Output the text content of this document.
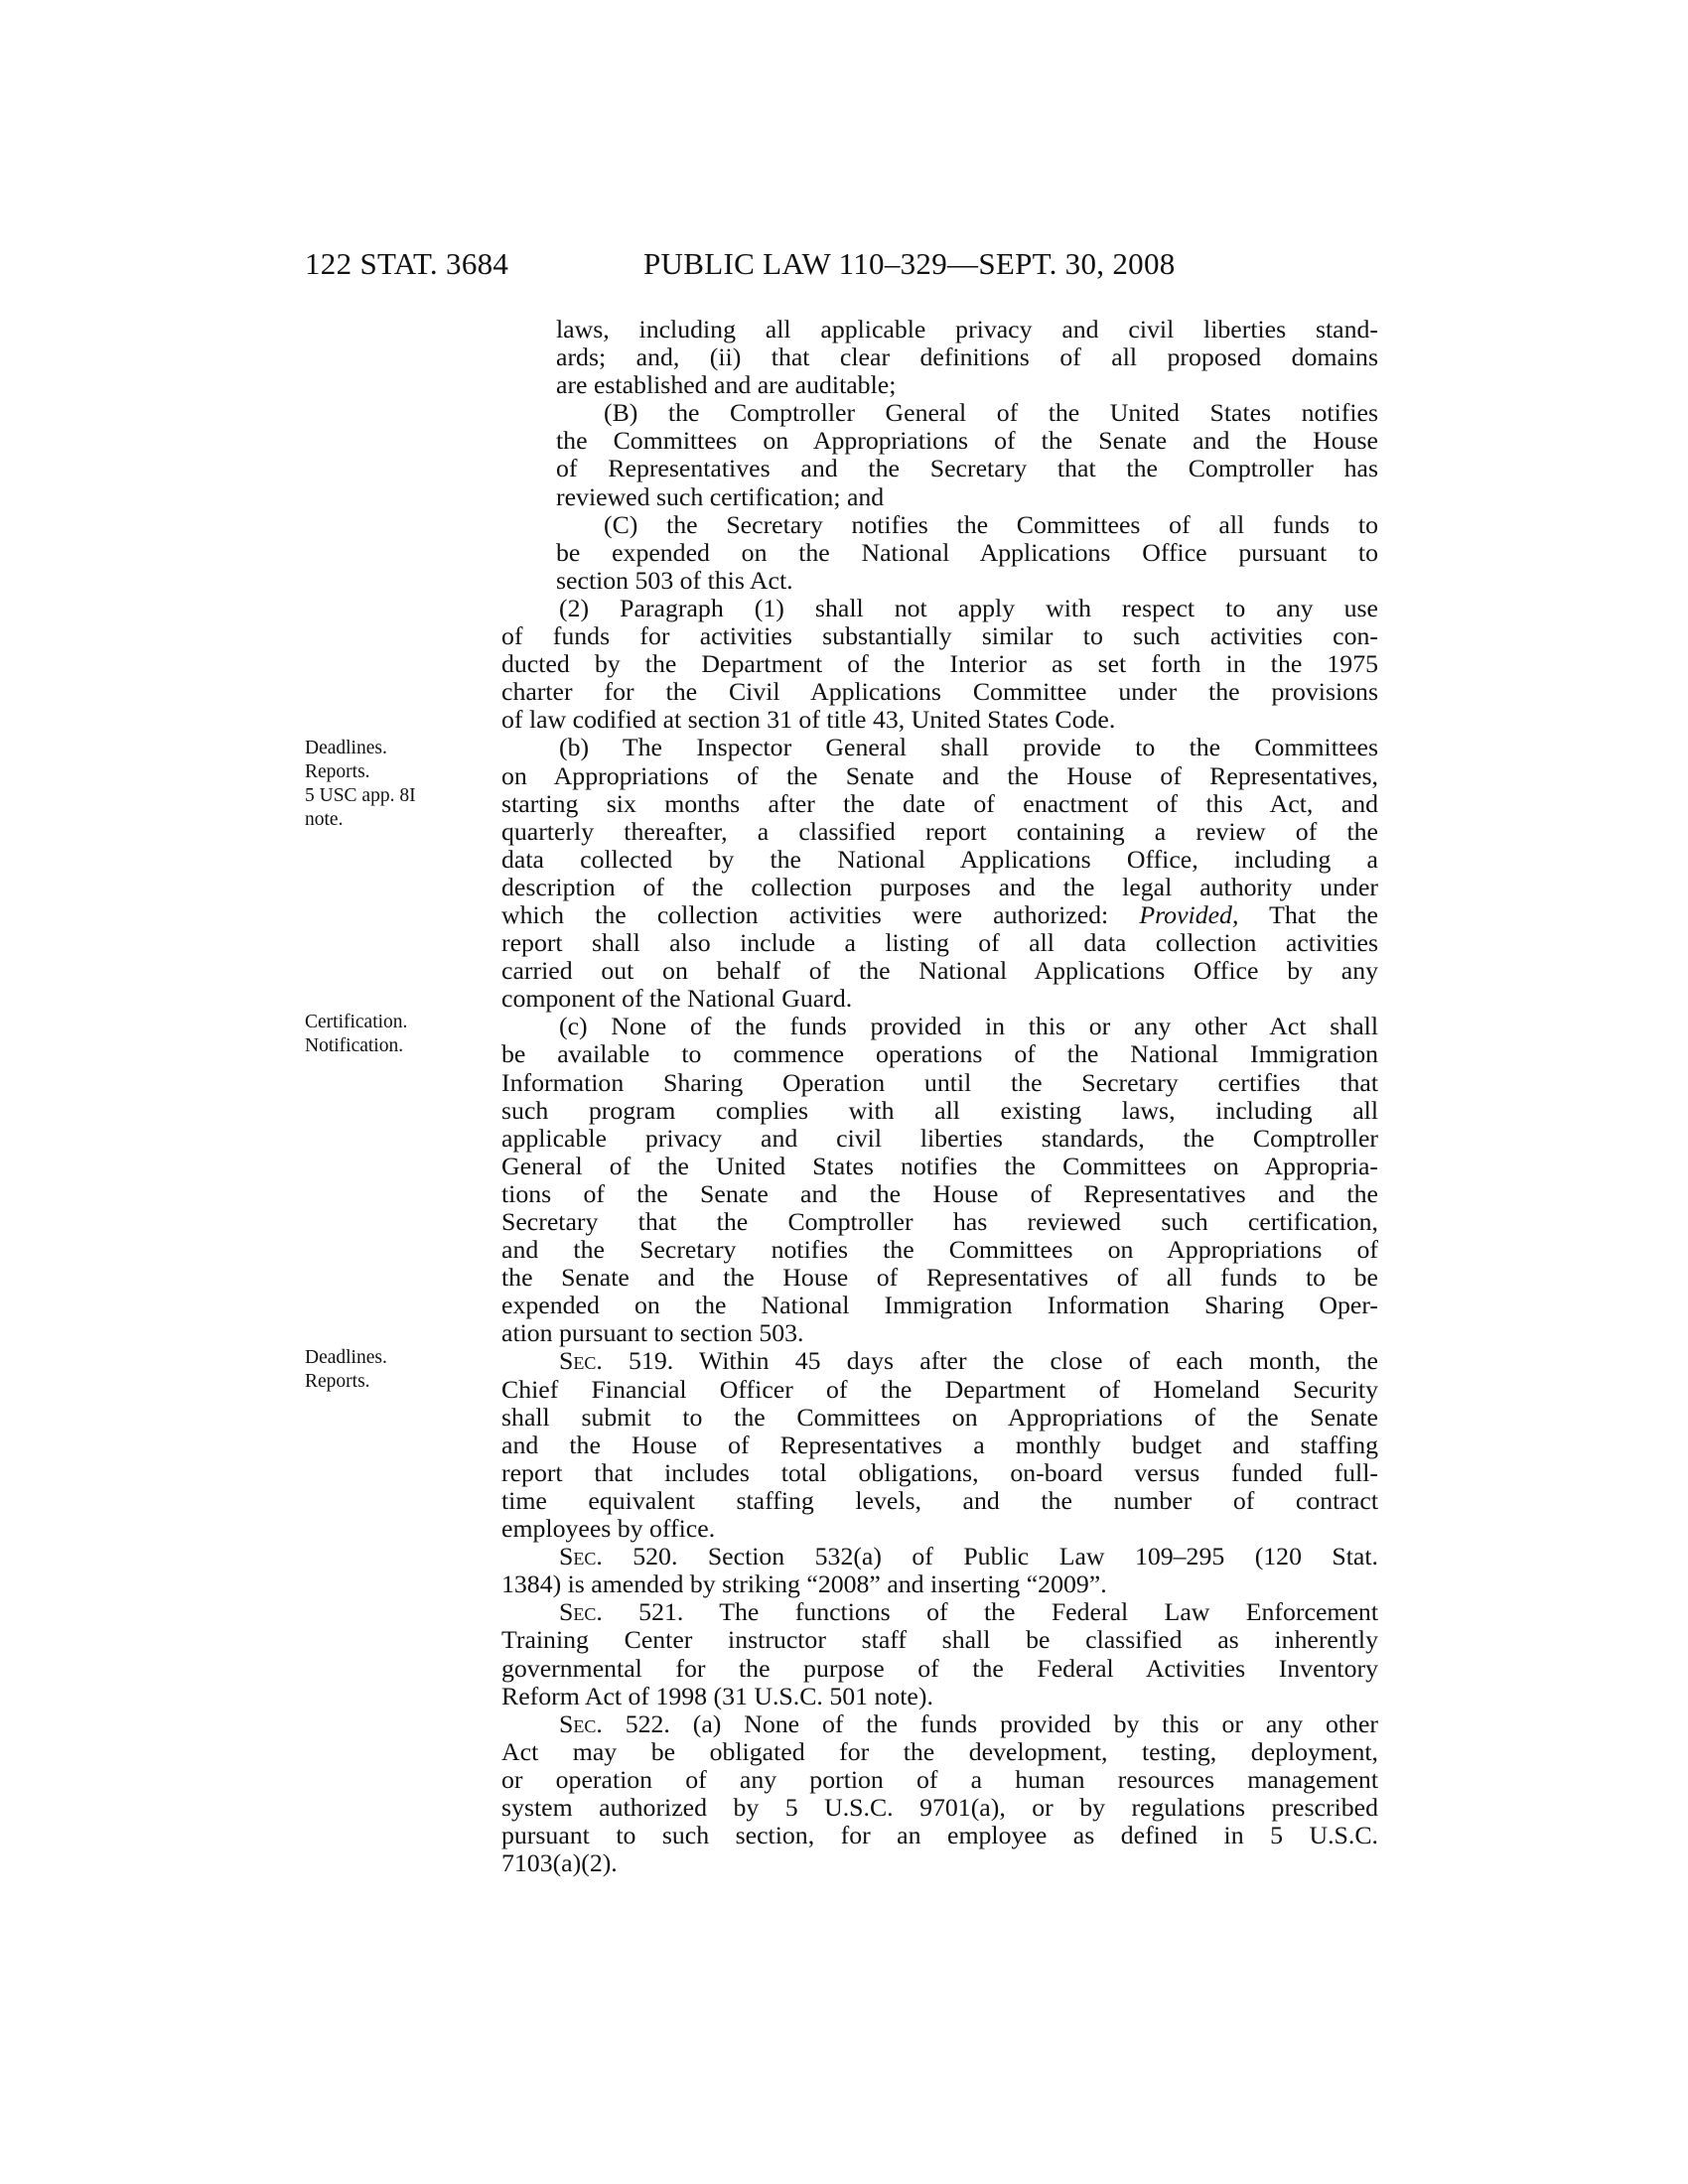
122 STAT. 3684	PUBLIC LAW 110–329—SEPT. 30, 2008
Deadlines.
Reports.
5 USC app. 8I
note.
Certification.
Notification.
Deadlines.
Reports.
laws, including all applicable privacy and civil liberties stand-
ards; and, (ii) that clear definitions of all proposed domains
are established and are auditable;
(B) the Comptroller General of the United States notifies
the Committees on Appropriations of the Senate and the House
of Representatives and the Secretary that the Comptroller has
reviewed such certification; and
(C) the Secretary notifies the Committees of all funds to
be expended on the National Applications Office pursuant to
section 503 of this Act.
(2) Paragraph (1) shall not apply with respect to any use
of funds for activities substantially similar to such activities con-
ducted by the Department of the Interior as set forth in the 1975
charter for the Civil Applications Committee under the provisions
of law codified at section 31 of title 43, United States Code.
(b) The Inspector General shall provide to the Committees
on Appropriations of the Senate and the House of Representatives,
starting six months after the date of enactment of this Act, and
quarterly thereafter, a classified report containing a review of the
data collected by the National Applications Office, including a
description of the collection purposes and the legal authority under
which the collection activities were authorized: Provided, That the
report shall also include a listing of all data collection activities
carried out on behalf of the National Applications Office by any
component of the National Guard.
(c) None of the funds provided in this or any other Act shall
be available to commence operations of the National Immigration
Information Sharing Operation until the Secretary certifies that
such program complies with all existing laws, including all
applicable privacy and civil liberties standards, the Comptroller
General of the United States notifies the Committees on Appropria-
tions of the Senate and the House of Representatives and the
Secretary that the Comptroller has reviewed such certification,
and the Secretary notifies the Committees on Appropriations of
the Senate and the House of Representatives of all funds to be
expended on the National Immigration Information Sharing Oper-
ation pursuant to section 503.
Sec. 519. Within 45 days after the close of each month, the
Chief Financial Officer of the Department of Homeland Security
shall submit to the Committees on Appropriations of the Senate
and the House of Representatives a monthly budget and staffing
report that includes total obligations, on-board versus funded full-
time equivalent staffing levels, and the number of contract
employees by office.
Sec. 520. Section 532(a) of Public Law 109–295 (120 Stat.
1384) is amended by striking “2008” and inserting “2009”.
Sec. 521. The functions of the Federal Law Enforcement
Training Center instructor staff shall be classified as inherently
governmental for the purpose of the Federal Activities Inventory
Reform Act of 1998 (31 U.S.C. 501 note).
Sec. 522. (a) None of the funds provided by this or any other
Act may be obligated for the development, testing, deployment,
or operation of any portion of a human resources management
system authorized by 5 U.S.C. 9701(a), or by regulations prescribed
pursuant to such section, for an employee as defined in 5 U.S.C.
7103(a)(2).
